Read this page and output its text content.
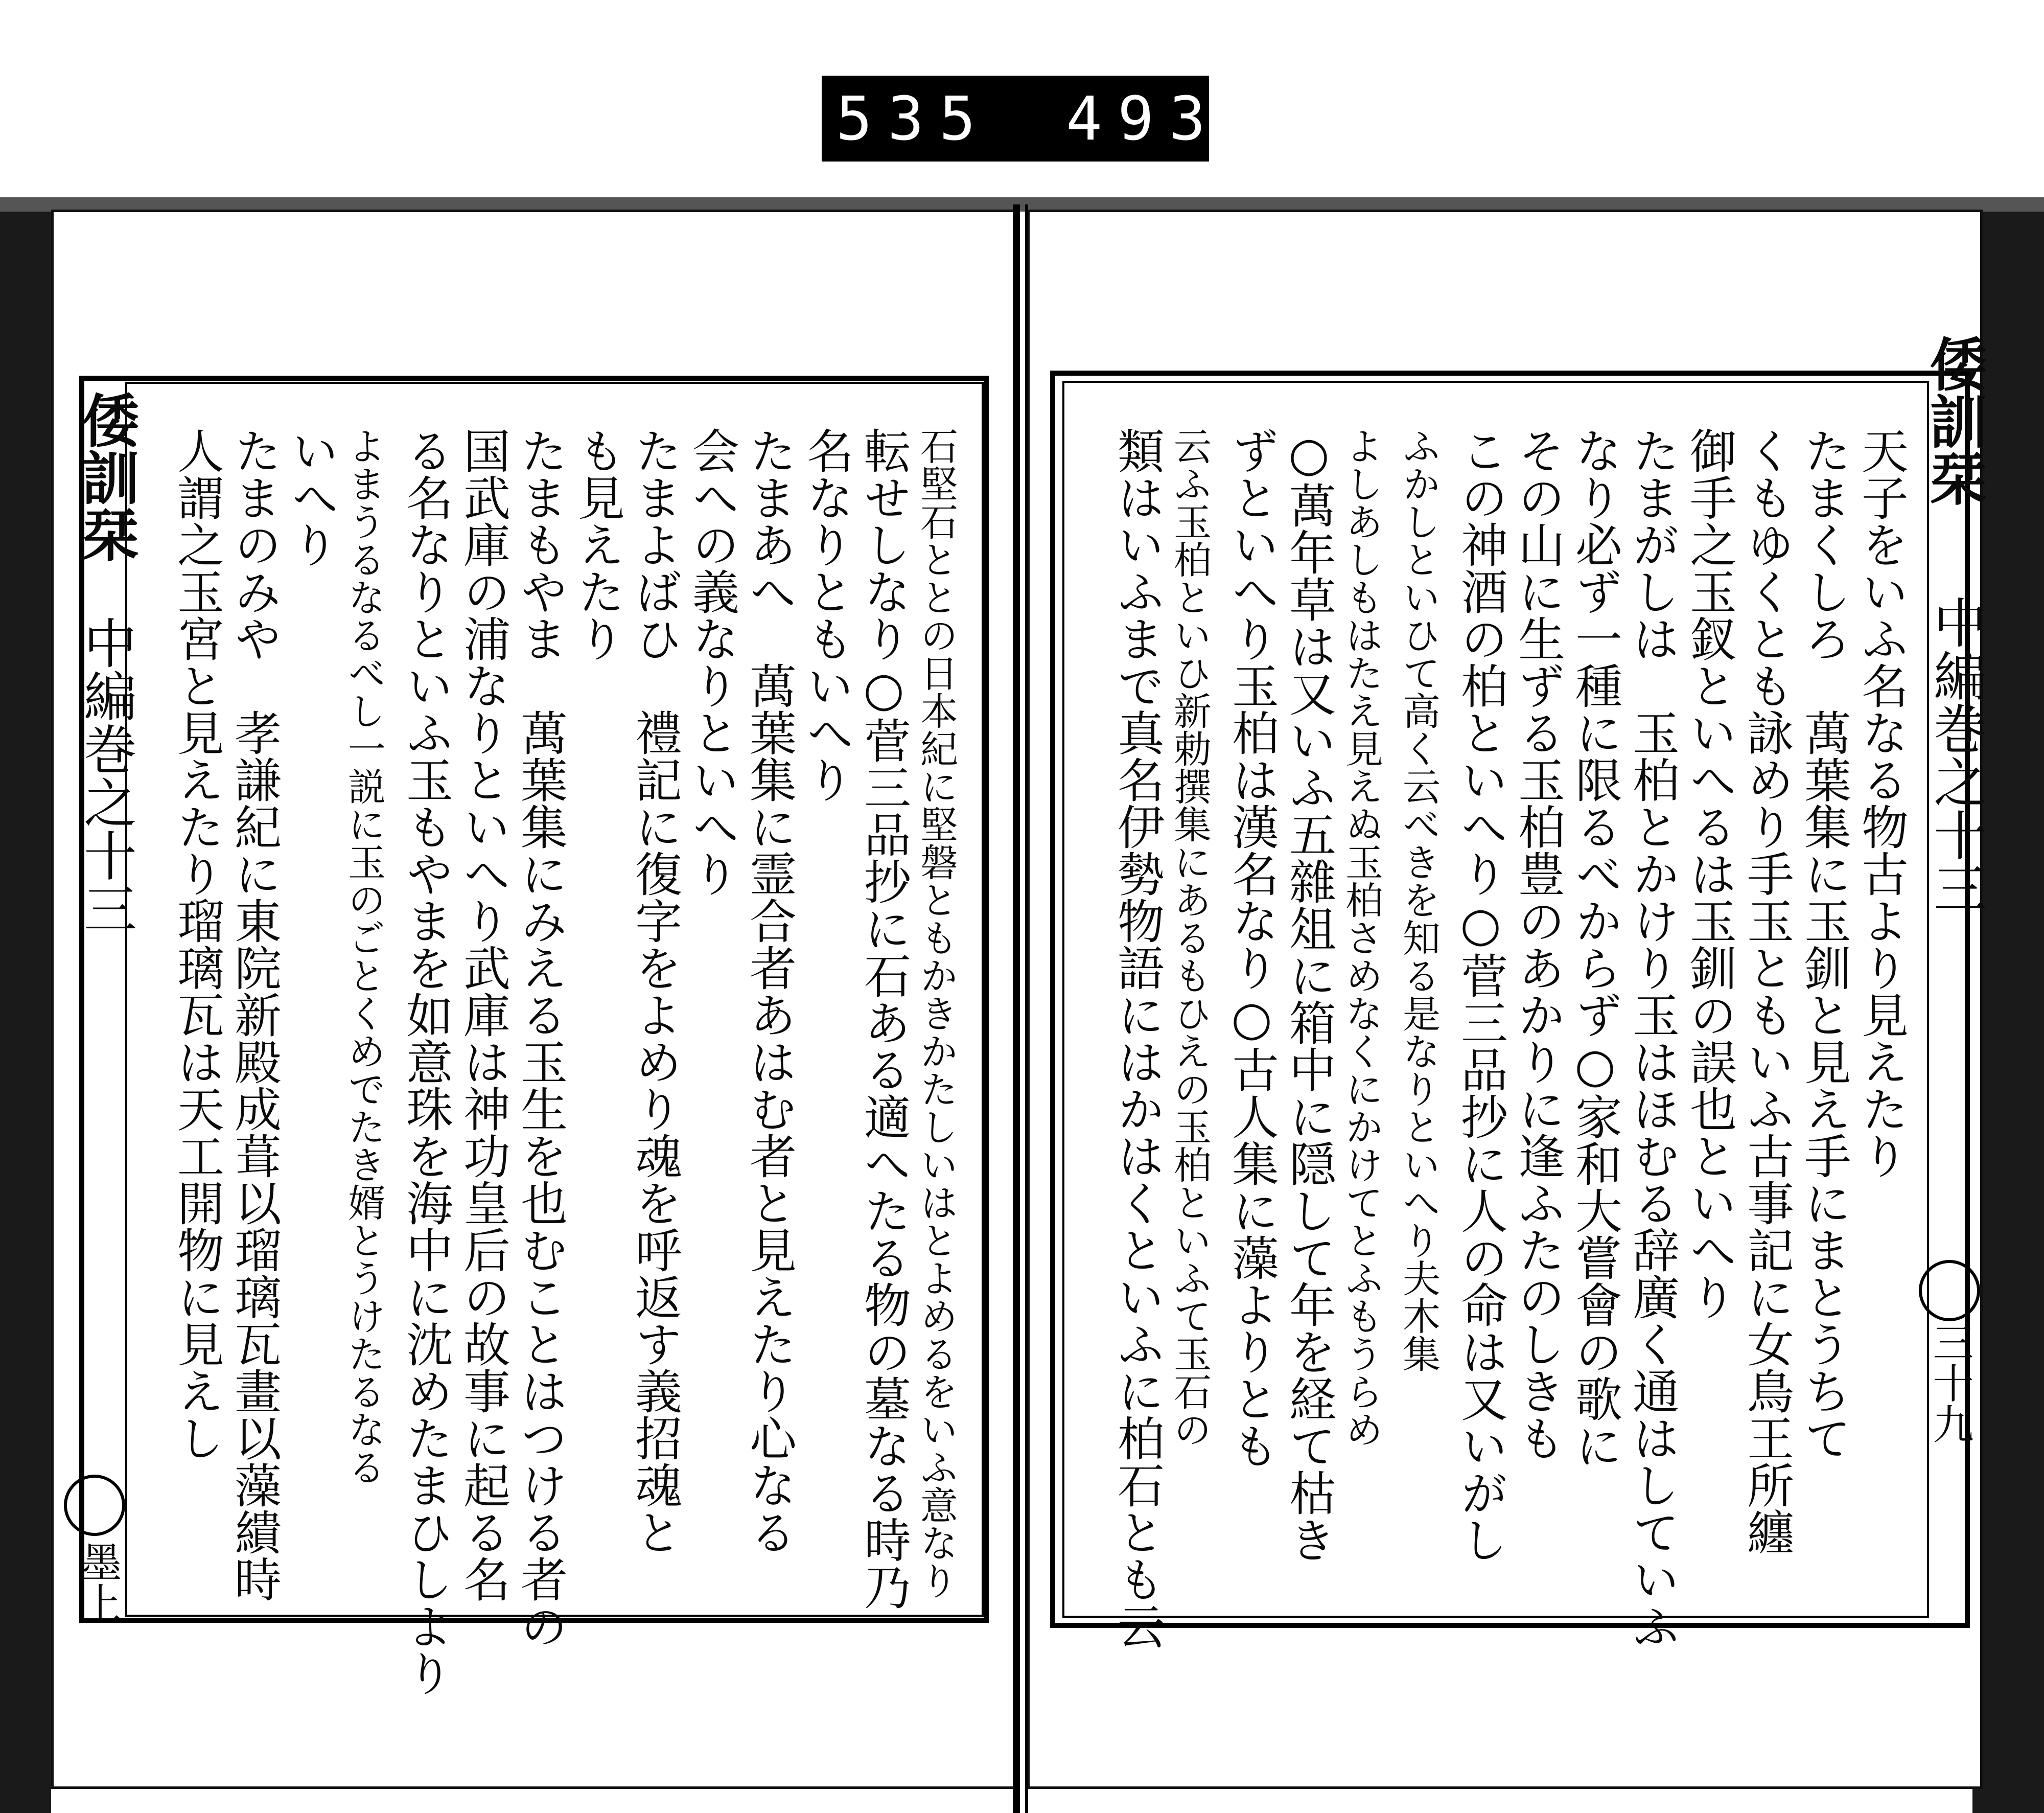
535 493
倭訓栞
中編巻之十三
墨上	石堅石ととの日本紀に堅磐ともかきかたしいはとよめるをいふ意なり
転せしなり○菅三品抄に石ある適へたる物の墓なる時乃
名なりともいへり
たまあへ　萬葉集に霊合者あはむ者と見えたり心なる
会への義なりといへり
たまよばひ　禮記に復字をよめり魂を呼返す義招魂と
も見えたり
たまもやま　萬葉集にみえる玉生を也むことはつける者の
国武庫の浦なりといへり武庫は神功皇后の故事に起る名
る名なりといふ玉もやまを如意珠を海中に沈めたまひしより
よまうるなるべし一説に玉のごとくめでたき婿とうけたるなる
いへり
たまのみや　孝謙紀に東院新殿成葺以瑠璃瓦畫以藻繢時
人謂之玉宮と見えたり瑠璃瓦は天工開物に見えし
倭訓栞
中編巻之十三
三十九
天子をいふ名なる物古より見えたり
たまくしろ　萬葉集に玉釧と見え手にまとうちて
くもゆくとも詠めり手玉ともいふ古事記に女鳥王所纏
御手之玉釵といへるは玉釧の誤也といへり
たまがしは　玉柏とかけり玉はほむる辞廣く通はしていふ
なり必ず一種に限るべからず○家和大嘗會の歌に
その山に生ずる玉柏豊のあかりに逢ふたのしきも
この神酒の柏といへり○菅三品抄に人の命は又いがし
ふかしといひて高く云べきを知る是なりといへり夫木集
よしあしもはたえ見えぬ玉柏さめなくにかけてとふもうらめ
○萬年草は又いふ五雜俎に箱中に隠して年を経て枯き
ずといへり玉柏は漢名なり○古人集に藻よりとも
云ふ玉柏といひ新勅撰集にあるもひえの玉柏といふて玉石の
類はいふまで真名伊勢物語にはかはくといふに柏石とも云
